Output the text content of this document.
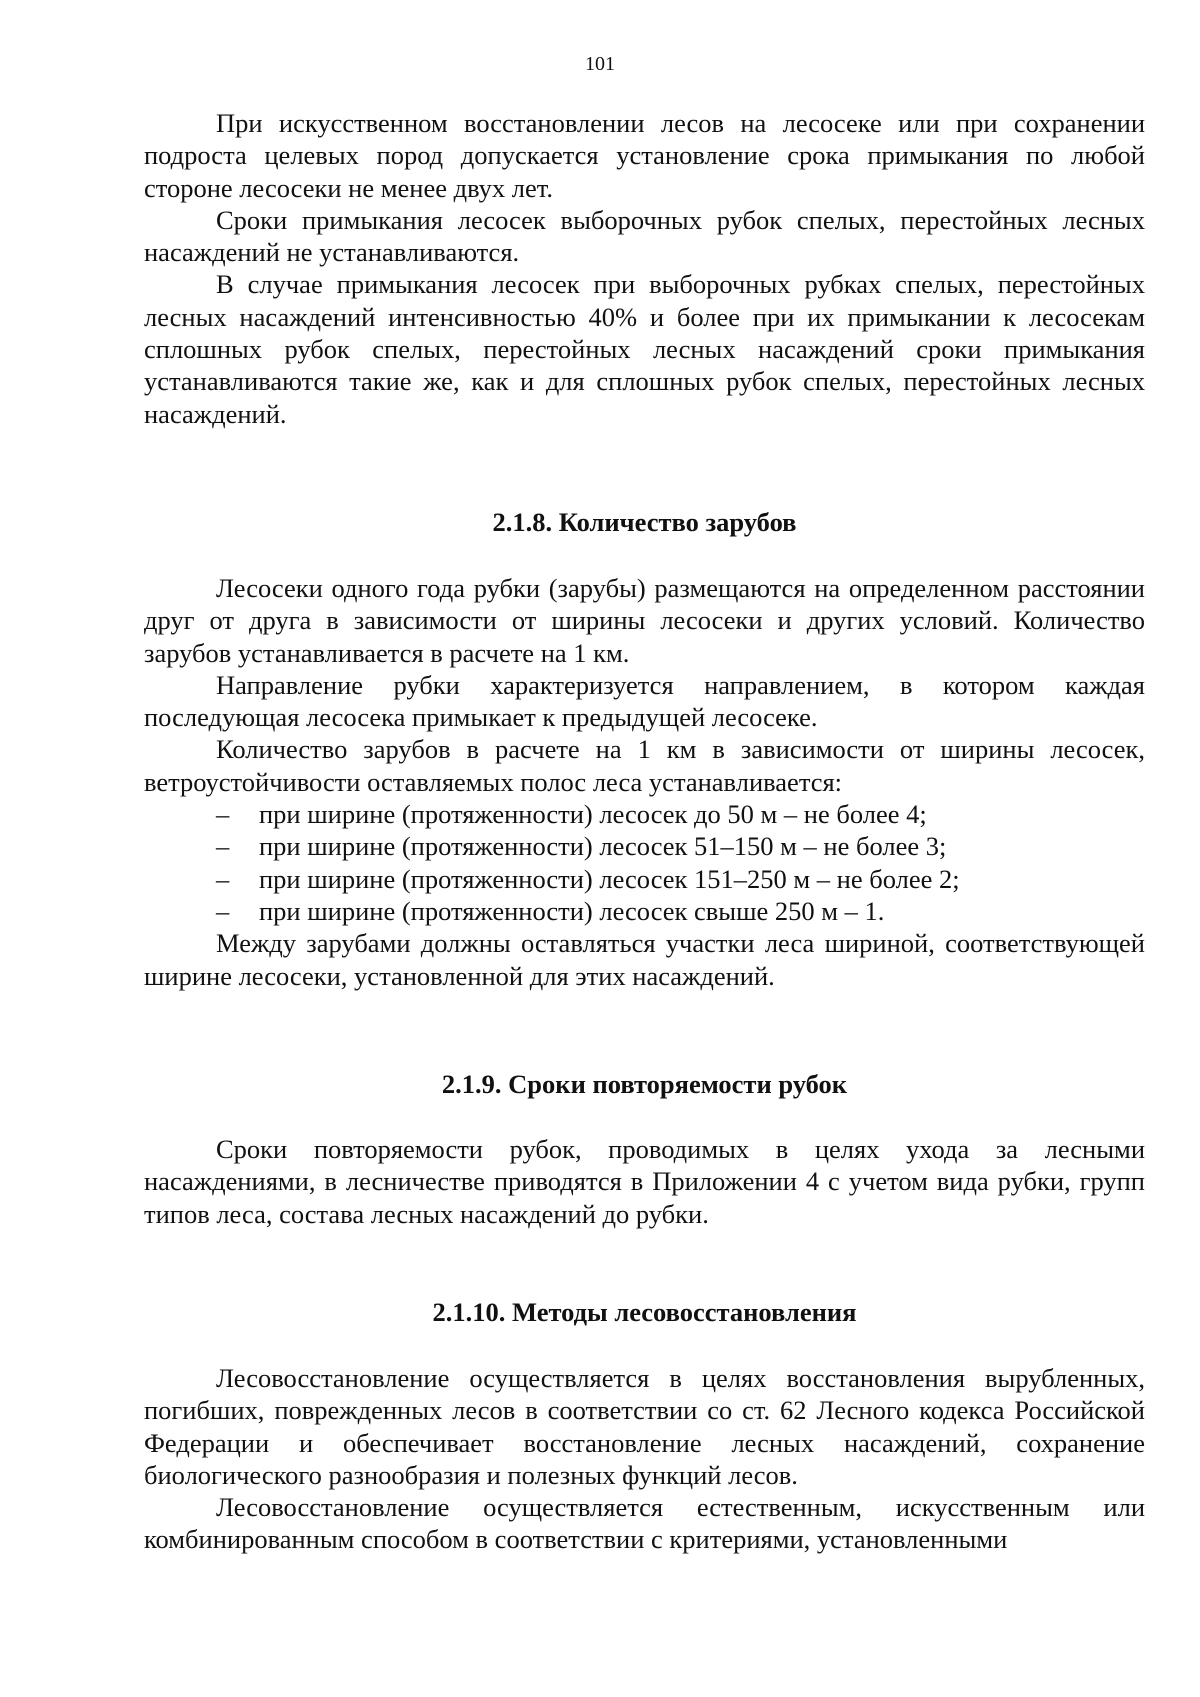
101

При искусственном восстановлении лесов на лесосеке или при сохранении подроста целевых пород допускается установление срока примыкания по любой стороне лесосеки не менее двух лет.

Сроки примыкания лесосек выборочных рубок спелых, перестойных лесных насаждений не устанавливаются.

В случае примыкания лесосек при выборочных рубках спелых, перестойных лесных насаждений интенсивностью 40% и более при их примыкании к лесосекам сплошных рубок спелых, перестойных лесных насаждений сроки примыкания устанавливаются такие же, как и для сплошных рубок спелых, перестойных лесных насаждений.

2.1.8. Количество зарубов

Лесосеки одного года рубки (зарубы) размещаются на определенном расстоянии друг от друга в зависимости от ширины лесосеки и других условий. Количество зарубов устанавливается в расчете на 1 км.

Направление рубки характеризуется направлением, в котором каждая последующая лесосека примыкает к предыдущей лесосеке.

Количество зарубов в расчете на 1 км в зависимости от ширины лесосек, ветроустойчивости оставляемых полос леса устанавливается:

– при ширине (протяженности) лесосек до 50 м – не более 4;
– при ширине (протяженности) лесосек 51–150 м – не более 3;
– при ширине (протяженности) лесосек 151–250 м – не более 2;
– при ширине (протяженности) лесосек свыше 250 м – 1.

Между зарубами должны оставляться участки леса шириной, соответствующей ширине лесосеки, установленной для этих насаждений.

2.1.9. Сроки повторяемости рубок

Сроки повторяемости рубок, проводимых в целях ухода за лесными насаждениями, в лесничестве приводятся в Приложении 4 с учетом вида рубки, групп типов леса, состава лесных насаждений до рубки.

2.1.10. Методы лесовосстановления

Лесовосстановление осуществляется в целях восстановления вырубленных, погибших, поврежденных лесов в соответствии со ст. 62 Лесного кодекса Российской Федерации и обеспечивает восстановление лесных насаждений, сохранение биологического разнообразия и полезных функций лесов.

Лесовосстановление осуществляется естественным, искусственным или комбинированным способом в соответствии с критериями, установленными
